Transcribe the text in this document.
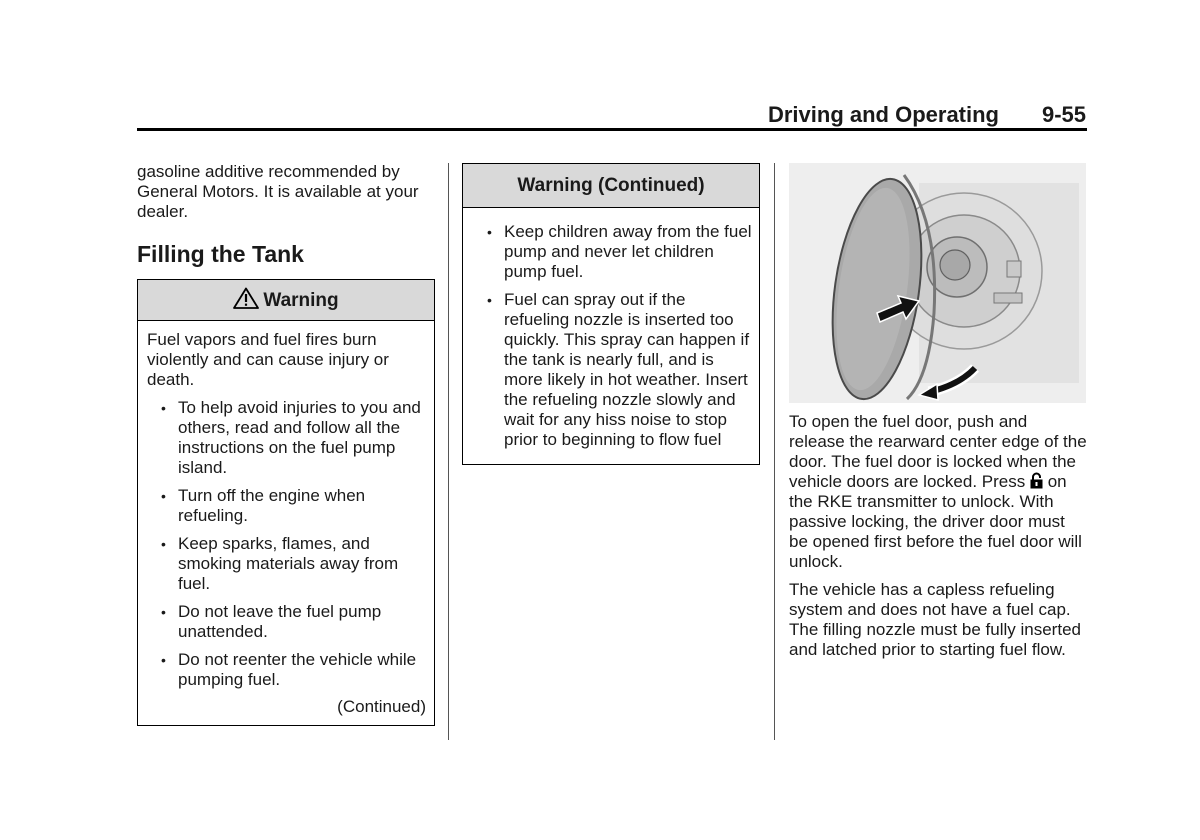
Driving and Operating 9-55

gasoline additive recommended by General Motors. It is available at your dealer.

Filling the Tank
Warning

Fuel vapors and fuel fires burn violently and can cause injury or death.

• To help avoid injuries to you and others, read and follow all the instructions on the fuel pump island.
• Turn off the engine when refueling.
• Keep sparks, flames, and smoking materials away from fuel.
• Do not leave the fuel pump unattended.
• Do not reenter the vehicle while pumping fuel.
(Continued)
Warning (Continued)
• Keep children away from the fuel pump and never let children pump fuel.
• Fuel can spray out if the refueling nozzle is inserted too quickly. This spray can happen if the tank is nearly full, and is more likely in hot weather. Insert the refueling nozzle slowly and wait for any hiss noise to stop prior to beginning to flow fuel

To open the fuel door, push and release the rearward center edge of the door. The fuel door is locked when the vehicle doors are locked. Press  on the RKE transmitter to unlock. With passive locking, the driver door must be opened first before the fuel door will unlock.

The vehicle has a capless refueling system and does not have a fuel cap. The filling nozzle must be fully inserted and latched prior to starting fuel flow.
